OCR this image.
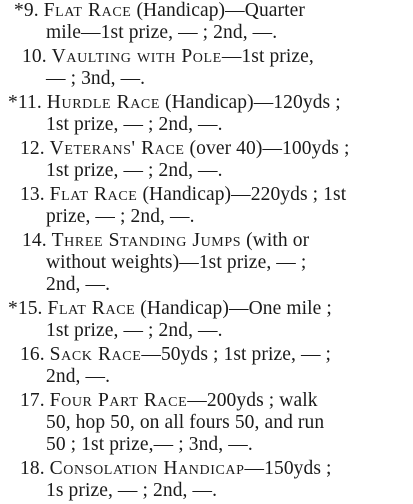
*9. Flat Race (Handicap)—Quarter
mile—1st prize, — ; 2nd, —.
10. Vaulting with Pole—1st prize,
— ; 3nd, —.
*11. Hurdle Race (Handicap)—120yds ;
1st prize, — ; 2nd, —.
12. Veterans' Race (over 40)—100yds ;
1st prize, — ; 2nd, —.
13. Flat Race (Handicap)—220yds ; 1st
prize, — ; 2nd, —.
14. Three Standing Jumps (with or
without weights)—1st prize, — ;
2nd, —.
*15. Flat Race (Handicap)—One mile ;
1st prize, — ; 2nd, —.
16. Sack Race—50yds ; 1st prize, — ;
2nd, —.
17. Four Part Race—200yds ; walk
50, hop 50, on all fours 50, and run
50 ; 1st prize,— ; 3nd, —.
18. Consolation Handicap—150yds ;
1s prize, — ; 2nd, —.
